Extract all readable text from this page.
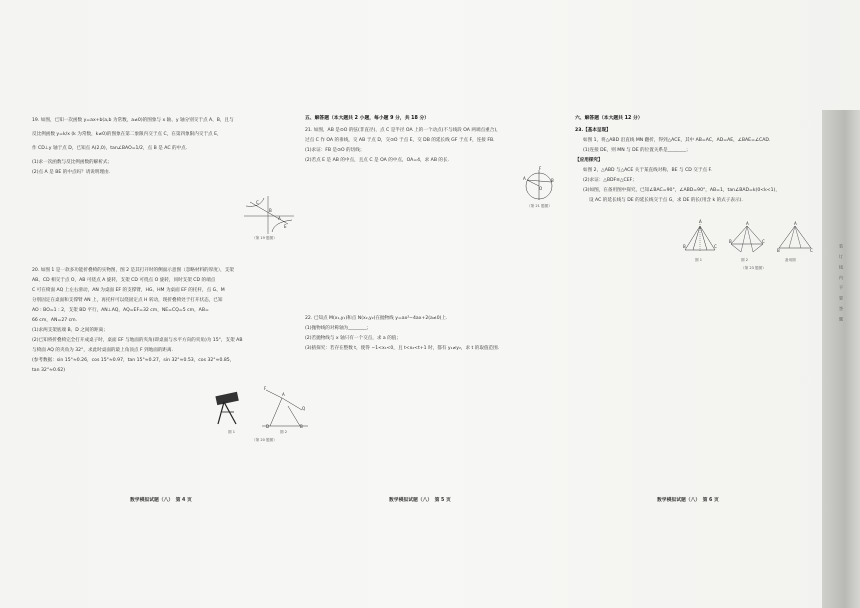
装　订　线　内　不　要　答　题

19. 如图，已知一次函数 y=ax+b(a,b 为常数，a≠0)的图象与 x 轴、y 轴分别交于点 A、B，且与

反比例函数 y=k/x (k 为常数，k≠0)的图象在第二象限内交于点 C，在第四象限内交于点 E，

作 CD⊥y 轴于点 D，已知点 A(2,0)，tan∠BAO=1/2，点 B 是 AC 的中点.

(1)求一次函数与反比例函数的解析式；

(2)点 A 是 BE 的中点吗？请说明理由.

C
B
A
E
（第 19 题图）

20. 如图 1 是一款多功能折叠椅的实物图，图 2 是其打开时的侧面示意图（忽略材料的厚度），支架

AB、CD 相交于点 O，AB 可绕点 A 旋转，支架 CD 可绕点 O 旋转，同时支架 CD 的端点

C 可在椅面 AQ 上左右滑动，AN 为桌面 EF 的支撑臂，HG、HM 为桌面 EF 的托杆，点 G、M

分别固定在桌面和支撑臂 AN 上，再托杆可以绕固定点 H 转动，现折叠椅处于打开状态，已知

AO : BO=1 : 2，支架 BD 平行，AN⊥AQ，AQ=EF=32 cm，NE=CQ=5 cm，AB=

66 cm，AN=27 cm.

(1)求两支架底端 B、D 之间的距离；

(2)已知将折叠椅完全打开成桌子时，桌面 EF 与地面的夹角(即桌面与水平方向的夹角)为 15°，支架 AB

与椅面 AQ 的夹角为 32°，求此时桌面的最上角顶点 F 到地面的距离.

(参考数据：sin 15°≈0.26，cos 15°≈0.97，tan 15°≈0.27，sin 32°≈0.53，cos 32°≈0.85，

tan 32°≈0.62)

图 1
F
A
Q
D	B
图 2
（第 20 题图）
数学模拟试题（八）　第 4 页
五、解答题（本大题共 2 小题，每小题 9 分，共 18 分）

21. 如图，AB 是⊙O 的弦(非直径)，点 C 是半径 OA 上的一个动点(不与线段 OA 两端点重合)，

过点 C 作 OA 的垂线，交 AB 于点 D，交⊙O 于点 E，交 DB 的延长线 GF 于点 F，连接 FB.

(1)求证：FB 是⊙O 的切线；

(2)若点 E 是 AB 的中点，且点 C 是 OA 的中点，OA=4，求 AB 的长.

A	B
O
F
（第 21 题图）

22. 已知点 M(x₁,y₁)和点 N(x₂,y₂)在抛物线 y=ax²−4ax+2(a≠0)上.

(1)抛物线的对称轴为________；

(2)若抛物线与 x 轴只有一个交点，求 a 的值；

(3)猜探究：若存在整数 t，使得 −1<x₁<0，且 t<x₂<t+1 时，都有 y₁≠y₂，求 t 的取值范围.

数学模拟试题（八）　第 5 页
六、解答题（本大题共 12 分）

23.【基本呈现】

如图 1，将△ABD 沿直线 MN 翻折，得到△ACE，其中 AB=AC，AD=AE，∠BAE=∠CAD.

(1)连接 DE，则 MN 与 DE 的位置关系是________；

【应用探究】

如图 2，△ABD 与△ACE 关于某直线对称，BE 与 CD 交于点 F.

(2)求证：△BDF≌△CEF；

(3)如图，在备用图中探究，已知∠BAC=90°，∠ABD=90°，AB=1，tan∠BAD=k(0<k<1)，

设 AC 的延长线与 DE 的延长线交于点 G，求 DE 的长(用含 k 的式子表示).

A
B	C
图 1
A
B	C
图 2
A
B	C
备用图
（第 23 题图）
数学模拟试题（八）　第 6 页
